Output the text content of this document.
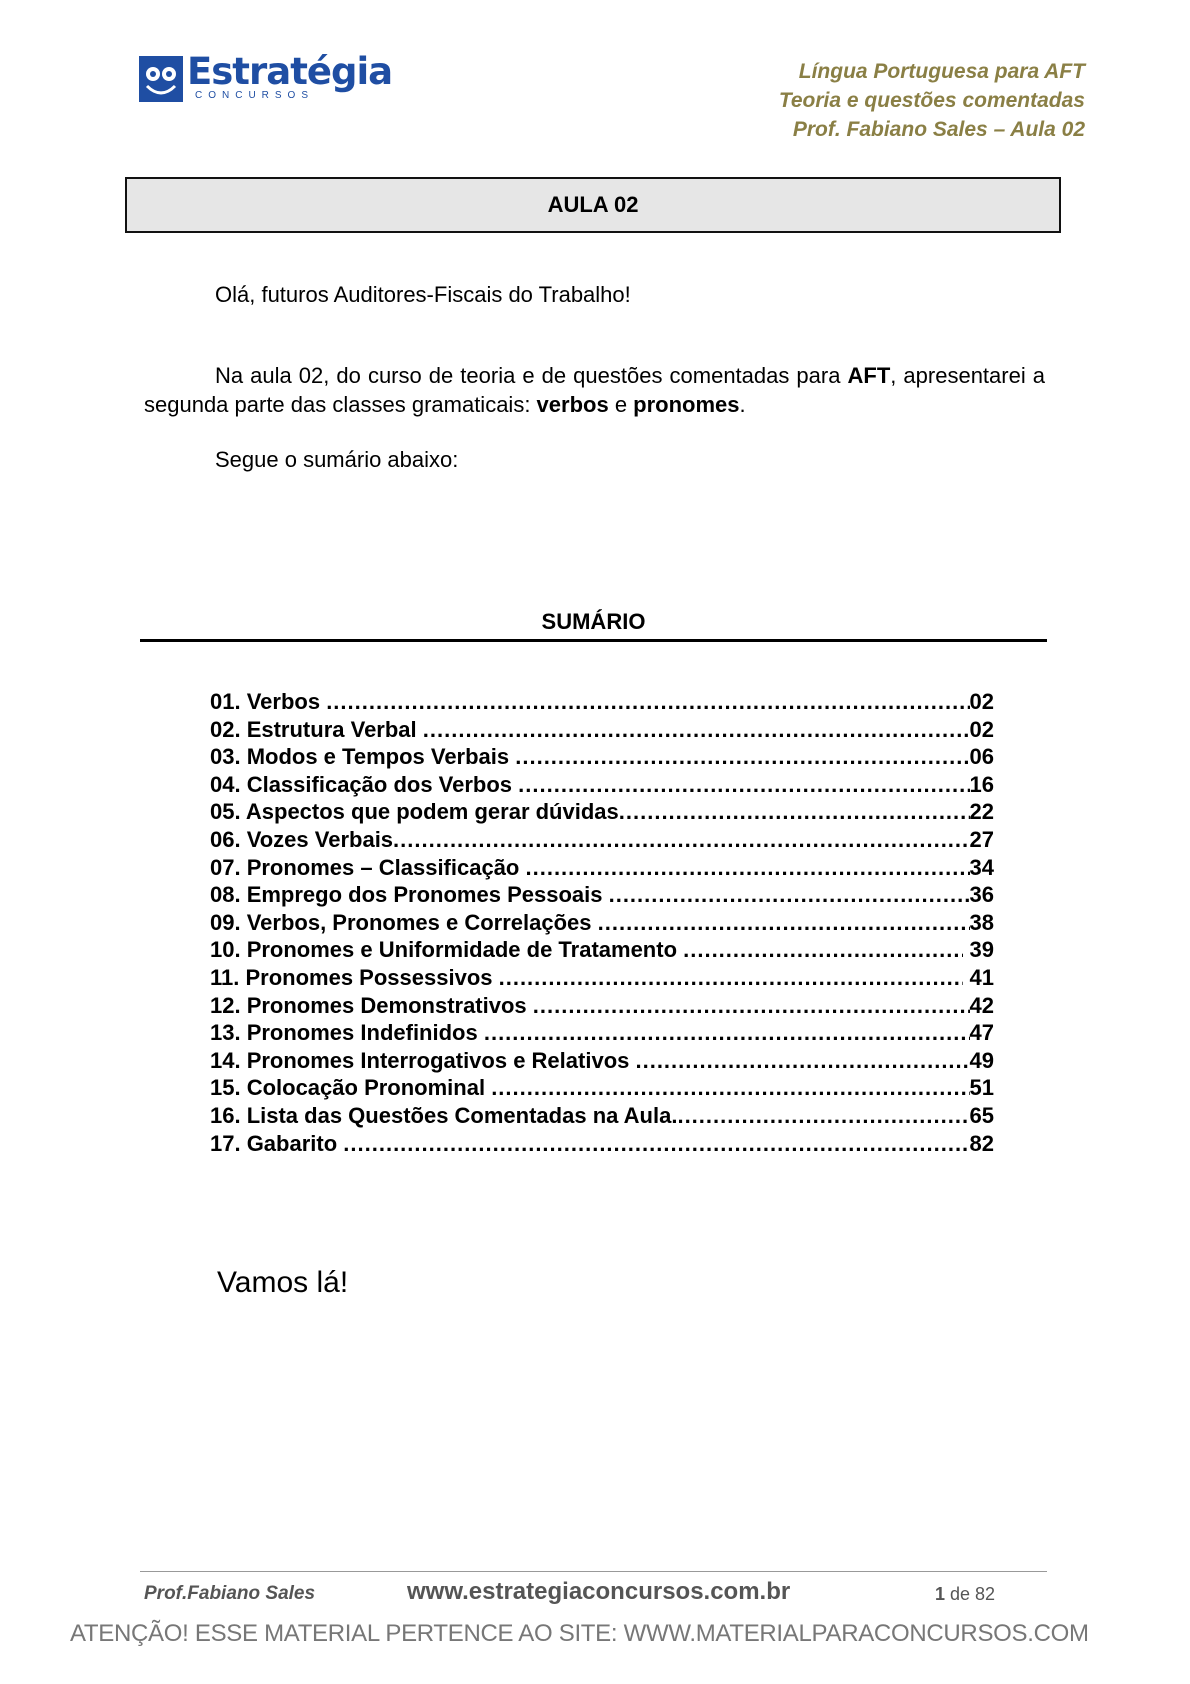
Estratégia
CONCURSOS
Língua Portuguesa para AFT
Teoria e questões comentadas
Prof. Fabiano Sales – Aula 02
AULA 02
Olá, futuros Auditores-Fiscais do Trabalho!
Na aula 02, do curso de teoria e de questões comentadas para AFT, apresentarei a segunda parte das classes gramaticais: verbos e pronomes.
Segue o sumário abaixo:
SUMÁRIO
01. Verbos .....	02
02. Estrutura Verbal .....	02
03. Modos e Tempos Verbais .....	06
04. Classificação dos Verbos .....	16
05. Aspectos que podem gerar dúvidas .....	22
06. Vozes Verbais .....	27
07. Pronomes – Classificação .....	34
08. Emprego dos Pronomes Pessoais .....	36
09. Verbos, Pronomes e Correlações .....	38
10. Pronomes e Uniformidade de Tratamento .....	39
11. Pronomes Possessivos .....	41
12. Pronomes Demonstrativos .....	42
13. Pronomes Indefinidos .....	47
14. Pronomes Interrogativos e Relativos .....	49
15. Colocação Pronominal .....	51
16. Lista das Questões Comentadas na Aula. .....	65
17. Gabarito .....	82
Vamos lá!
Prof.Fabiano Sales	www.estrategiaconcursos.com.br	1 de 82
ATENÇÃO! ESSE MATERIAL PERTENCE AO SITE: WWW.MATERIALPARACONCURSOS.COM
